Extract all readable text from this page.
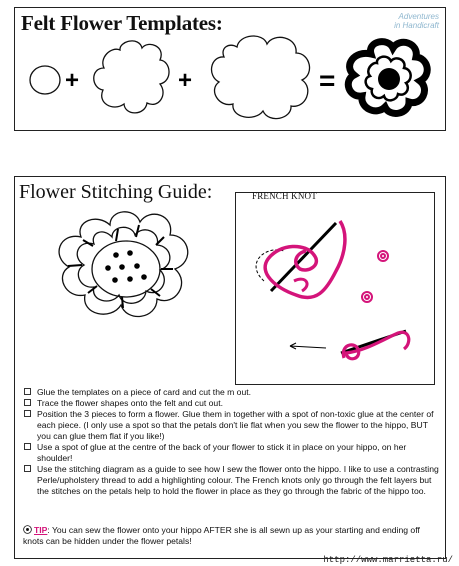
Felt Flower Templates:	Adventures
in Handicraft
+	+	=
Flower Stitching Guide:	FRENCH KNOT
Glue the templates on a piece of card and cut the m out.
Trace the flower shapes onto the felt and cut out.
Position the 3 pieces to form a flower. Glue them in together with a spot of non-toxic glue at the center of each piece. (I only use a spot so that the petals don't lie flat when you sew the flower to the hippo, BUT you can glue them flat if you like!)
Use a spot of glue at the centre of the back of your flower to stick it in place on your hippo, on her shoulder!
Use the stitching diagram as a guide to see how I sew the flower onto the hippo. I like to use a contrasting Perle/upholstery thread to add a highlighting colour. The French knots only go through the felt layers but the stitches on the petals help to hold the flower in place as they go through the fabric of the hippo too.
TIP: You can sew the flower onto your hippo AFTER she is all sewn up as your starting and ending off knots can be hidden under the flower petals!
http://www.marrietta.ru/
